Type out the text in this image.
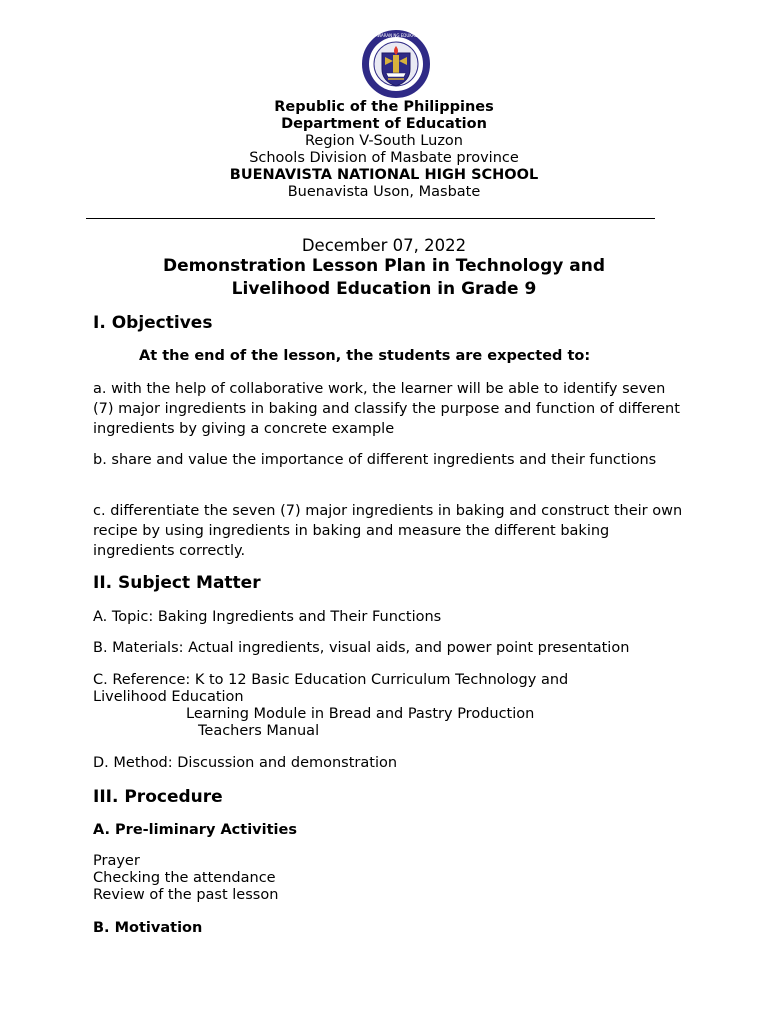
KAGAWARAN NG EDUKASYON
Republic of the Philippines
Department of Education
Region V-South Luzon
Schools Division of Masbate province
BUENAVISTA NATIONAL HIGH SCHOOL
Buenavista Uson, Masbate
December 07, 2022
Demonstration Lesson Plan in Technology and
Livelihood Education in Grade 9
I. Objectives
At the end of the lesson, the students are expected to:

a. with the help of collaborative work, the learner will be able to identify seven (7) major ingredients in baking and classify the purpose and function of different ingredients by giving a concrete example

b. share and value the importance of different ingredients and their functions

c. differentiate the seven (7) major ingredients in baking and construct their own recipe by using ingredients in baking and measure the different baking ingredients correctly.

II. Subject Matter
A. Topic: Baking Ingredients and Their Functions
B. Materials: Actual ingredients, visual aids, and power point presentation
C. Reference: K to 12 Basic Education Curriculum Technology and
Livelihood Education
Learning Module in Bread and Pastry Production
Teachers Manual
D. Method: Discussion and demonstration
III. Procedure
A. Pre-liminary Activities
Prayer
Checking the attendance
Review of the past lesson
B. Motivation
